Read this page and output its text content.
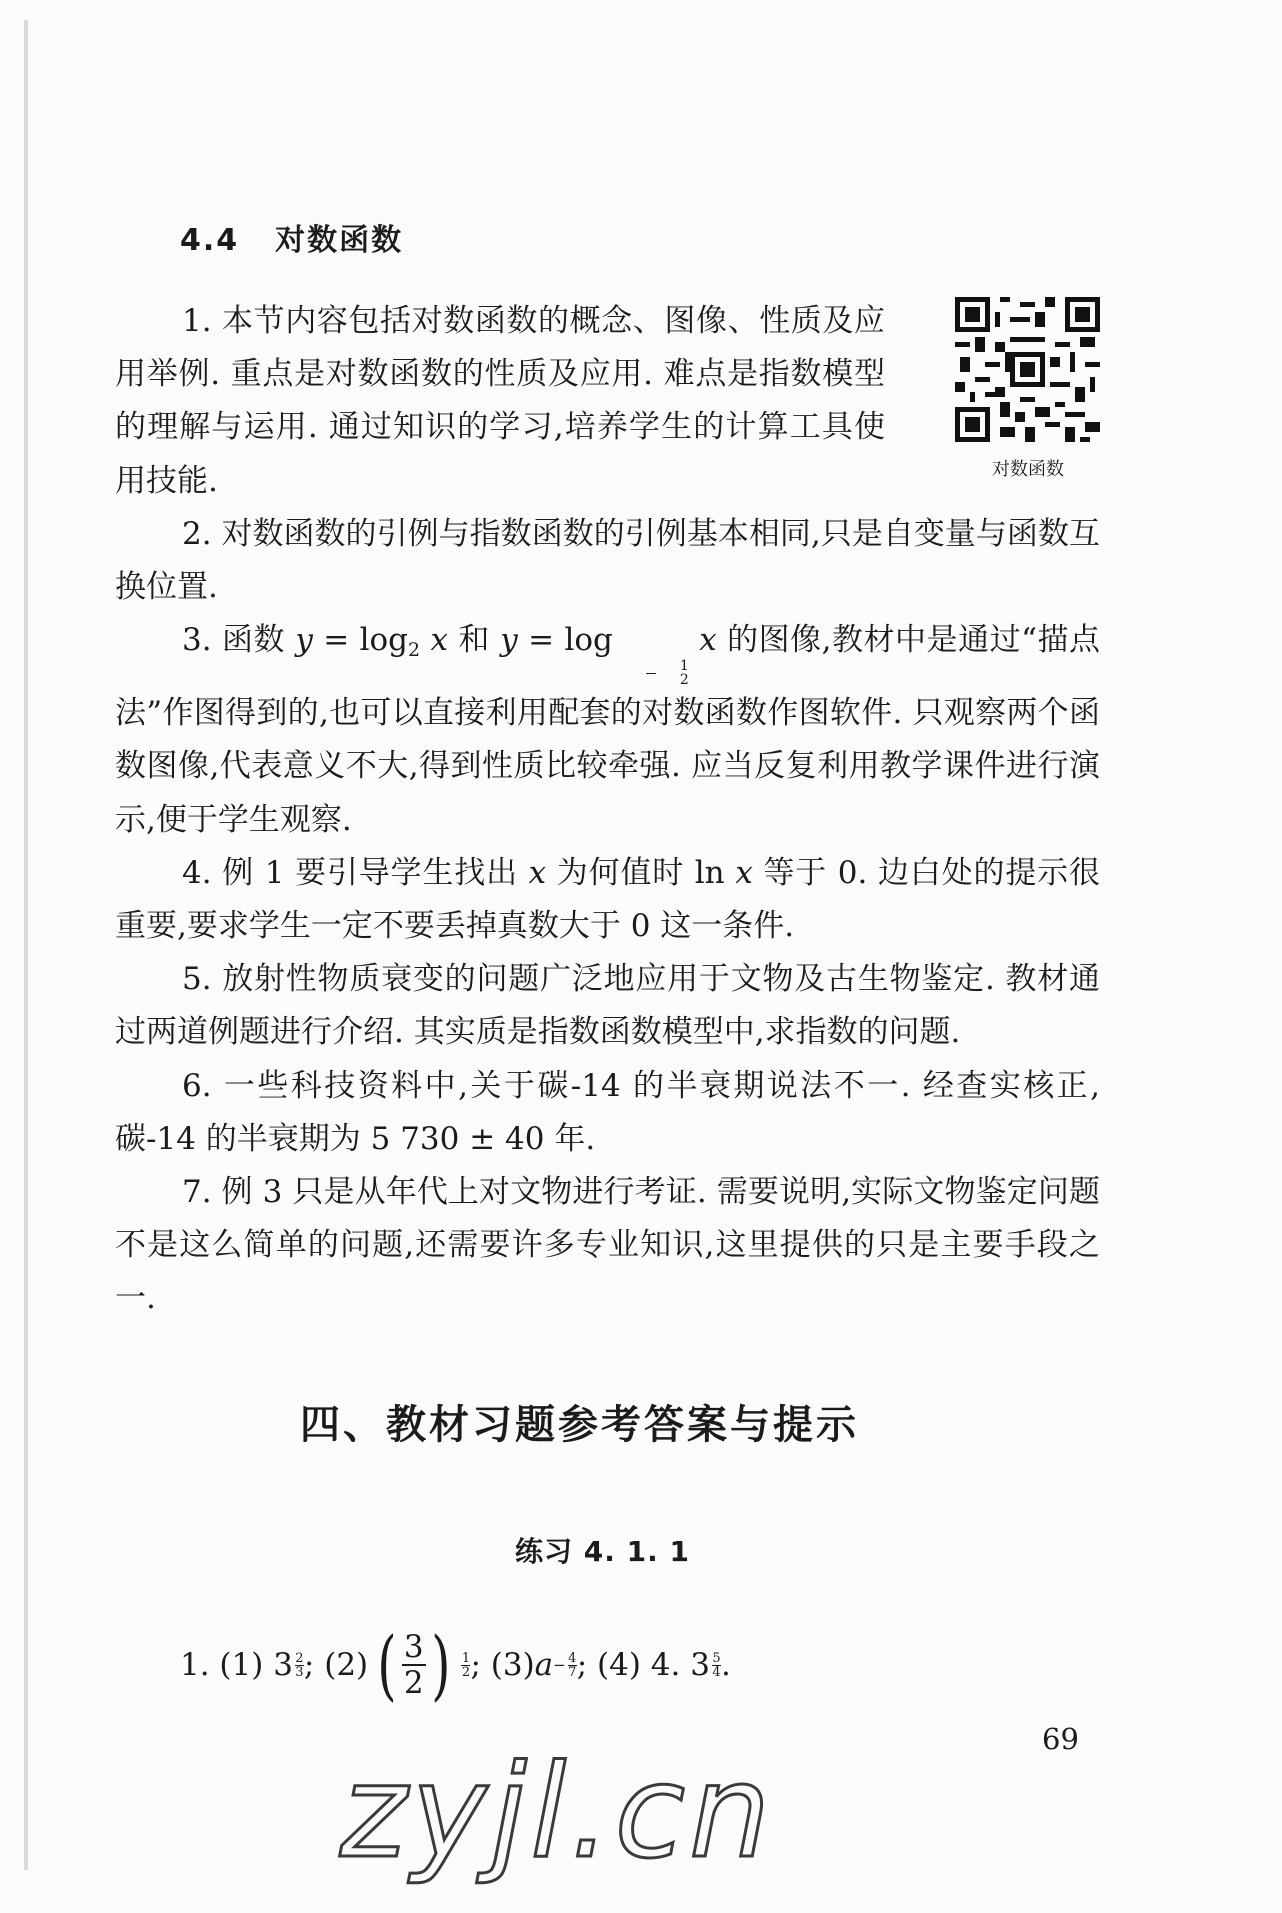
4.4 对数函数
对数函数

1. 本节内容包括对数函数的概念、图像、性质及应用举例. 重点是对数函数的性质及应用. 难点是指数模型的理解与运用. 通过知识的学习,培养学生的计算工具使用技能.

2. 对数函数的引例与指数函数的引例基本相同,只是自变量与函数互换位置.

3. 函数 $y = \log_2 x$ 和 y = log
$\frac{1}{2}$
x 的图像,教材中是通过“描点法”作图得到的,也可以直接利用配套的对数函数作图软件. 只观察两个函数图像,代表意义不大,得到性质比较牵强. 应当反复利用教学课件进行演示,便于学生观察.

4. 例 1 要引导学生找出 x 为何值时 ln x 等于 0. 边白处的提示很重要,要求学生一定不要丢掉真数大于 0 这一条件.

5. 放射性物质衰变的问题广泛地应用于文物及古生物鉴定. 教材通过两道例题进行介绍. 其实质是指数函数模型中,求指数的问题.

6. 一些科技资料中,关于碳-14 的半衰期说法不一. 经查实核正,碳-14 的半衰期为 5 730 ± 40 年.

7. 例 3 只是从年代上对文物进行考证. 需要说明,实际文物鉴定问题不是这么简单的问题,还需要许多专业知识,这里提供的只是主要手段之一.

四、教材习题参考答案与提示
练习 4. 1. 1
1. (1) 3 2
3 ; (2) ( 3
2 ) 1
2 ; (3) a − 4
7 ; (4) 4. 3 5
4 .
69
zyjl.cn
